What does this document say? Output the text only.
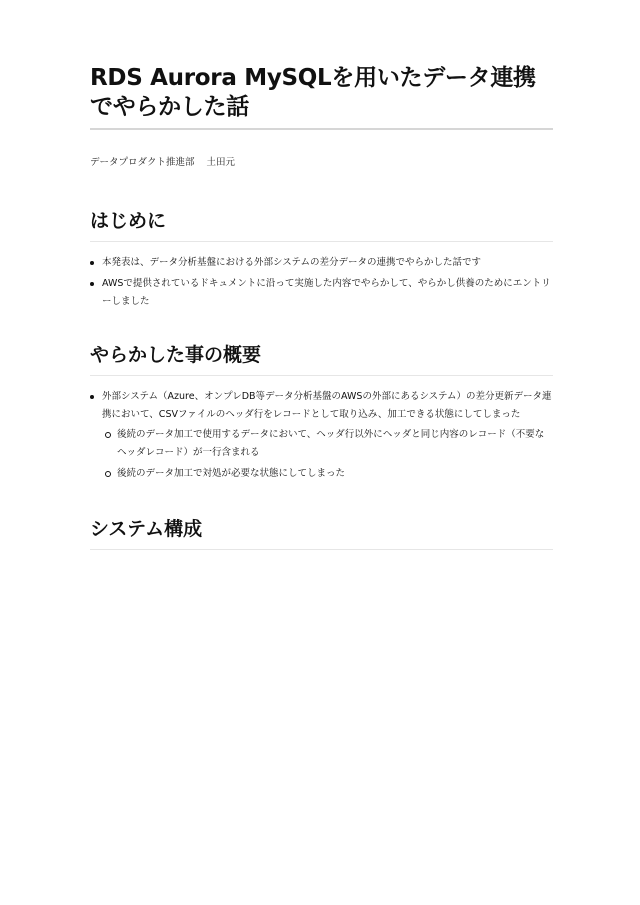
RDS Aurora MySQLを用いたデータ連携でやらかした話
データプロダクト推進部 土田元
はじめに
本発表は、データ分析基盤における外部システムの差分データの連携でやらかした話です
AWSで提供されているドキュメントに沿って実施した内容でやらかして、やらかし供養のためにエントリーしました
やらかした事の概要
外部システム（Azure、オンプレDB等データ分析基盤のAWSの外部にあるシステム）の差分更新データ連携において、CSVファイルのヘッダ行をレコードとして取り込み、加工できる状態にしてしまった
後続のデータ加工で使用するデータにおいて、ヘッダ行以外にヘッダと同じ内容のレコード（不要なヘッダレコード）が一行含まれる
後続のデータ加工で対処が必要な状態にしてしまった
システム構成
